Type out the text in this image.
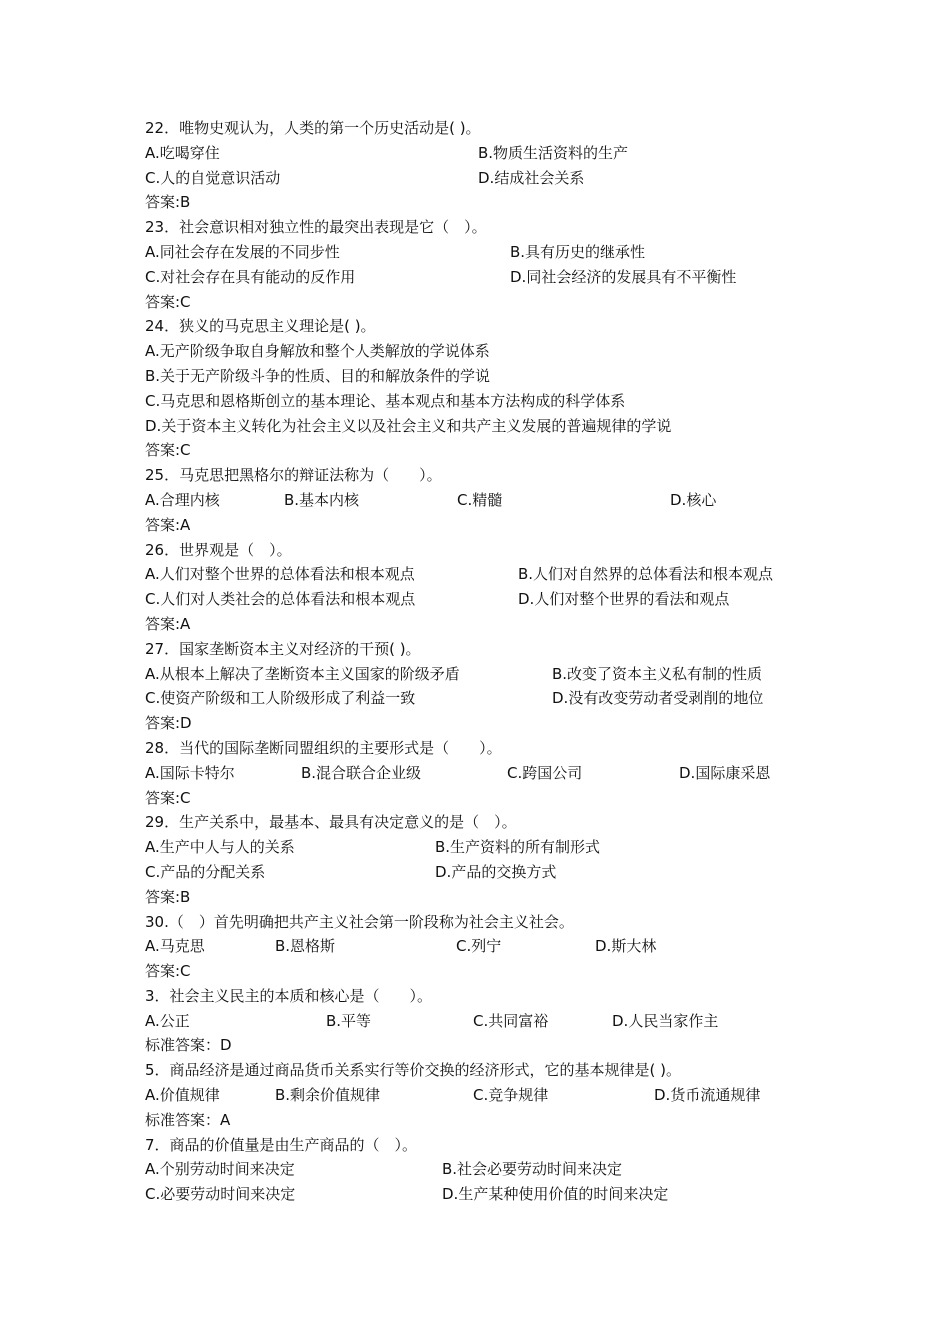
22．唯物史观认为，人类的第一个历史活动是( )。
A.吃喝穿住	B.物质生活资料的生产
C.人的自觉意识活动	D.结成社会关系
答案:B
23．社会意识相对独立性的最突出表现是它（　）。
A.同社会存在发展的不同步性	B.具有历史的继承性
C.对社会存在具有能动的反作用	D.同社会经济的发展具有不平衡性
答案:C
24．狭义的马克思主义理论是( )。
A.无产阶级争取自身解放和整个人类解放的学说体系
B.关于无产阶级斗争的性质、目的和解放条件的学说
C.马克思和恩格斯创立的基本理论、基本观点和基本方法构成的科学体系
D.关于资本主义转化为社会主义以及社会主义和共产主义发展的普遍规律的学说
答案:C
25．马克思把黑格尔的辩证法称为（　　）。
A.合理内核	B.基本内核	C.精髓	D.核心
答案:A
26．世界观是（　）。
A.人们对整个世界的总体看法和根本观点	B.人们对自然界的总体看法和根本观点
C.人们对人类社会的总体看法和根本观点	D.人们对整个世界的看法和观点
答案:A
27．国家垄断资本主义对经济的干预( )。
A.从根本上解决了垄断资本主义国家的阶级矛盾	B.改变了资本主义私有制的性质
C.使资产阶级和工人阶级形成了利益一致	D.没有改变劳动者受剥削的地位
答案:D
28．当代的国际垄断同盟组织的主要形式是（　　）。
A.国际卡特尔	B.混合联合企业级	C.跨国公司	D.国际康采恩
答案:C
29．生产关系中，最基本、最具有决定意义的是（　）。
A.生产中人与人的关系	B.生产资料的所有制形式
C.产品的分配关系	D.产品的交换方式
答案:B
30.（　）首先明确把共产主义社会第一阶段称为社会主义社会。
A.马克思	B.恩格斯	C.列宁	D.斯大林
答案:C
3．社会主义民主的本质和核心是（　　）。
A.公正	B.平等	C.共同富裕	D.人民当家作主
标准答案：D
5．商品经济是通过商品货币关系实行等价交换的经济形式，它的基本规律是( )。
A.价值规律	B.剩余价值规律	C.竞争规律	D.货币流通规律
标准答案：A
7．商品的价值量是由生产商品的（　）。
A.个别劳动时间来决定	B.社会必要劳动时间来决定
C.必要劳动时间来决定	D.生产某种使用价值的时间来决定
